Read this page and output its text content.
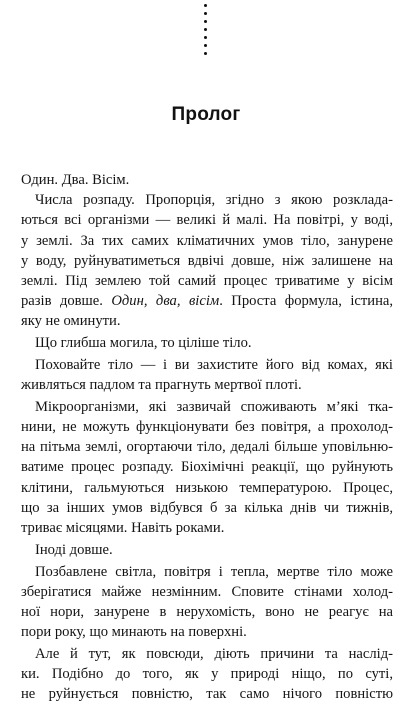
Пролог
Один. Два. Вісім.
Числа розпаду. Пропорція, згідно з якою розклада-
ються всі організми — великі й малі. На повітрі, у воді,
у землі. За тих самих кліматичних умов тіло, занурене
у воду, руйнуватиметься вдвічі довше, ніж залишене на
землі. Під землею той самий процес триватиме у вісім
разів довше. Один, два, вісім. Проста формула, істина,
яку не оминути.
Що глибша могила, то ціліше тіло.
Поховайте тіло — і ви захистите його від комах, які
живляться падлом та прагнуть мертвої плоті.
Мікроорганізми, які зазвичай споживають м’які тка-
нини, не можуть функціонувати без повітря, а прохолод-
на пітьма землі, огортаючи тіло, дедалі більше уповільню-
ватиме процес розпаду. Біохімічні реакції, що руйнують
клітини, гальмуються низькою температурою. Процес,
що за інших умов відбувся б за кілька днів чи тижнів,
триває місяцями. Навіть роками.
Іноді довше.
Позбавлене світла, повітря і тепла, мертве тіло може
зберігатися майже незмінним. Сповите стінами холод-
ної нори, занурене в нерухомість, воно не реагує на
пори року, що минають на поверхні.
Але й тут, як повсюди, діють причини та наслід-
ки. Подібно до того, як у природі ніщо, по суті,
не руйнується повністю, так само нічого повністю
